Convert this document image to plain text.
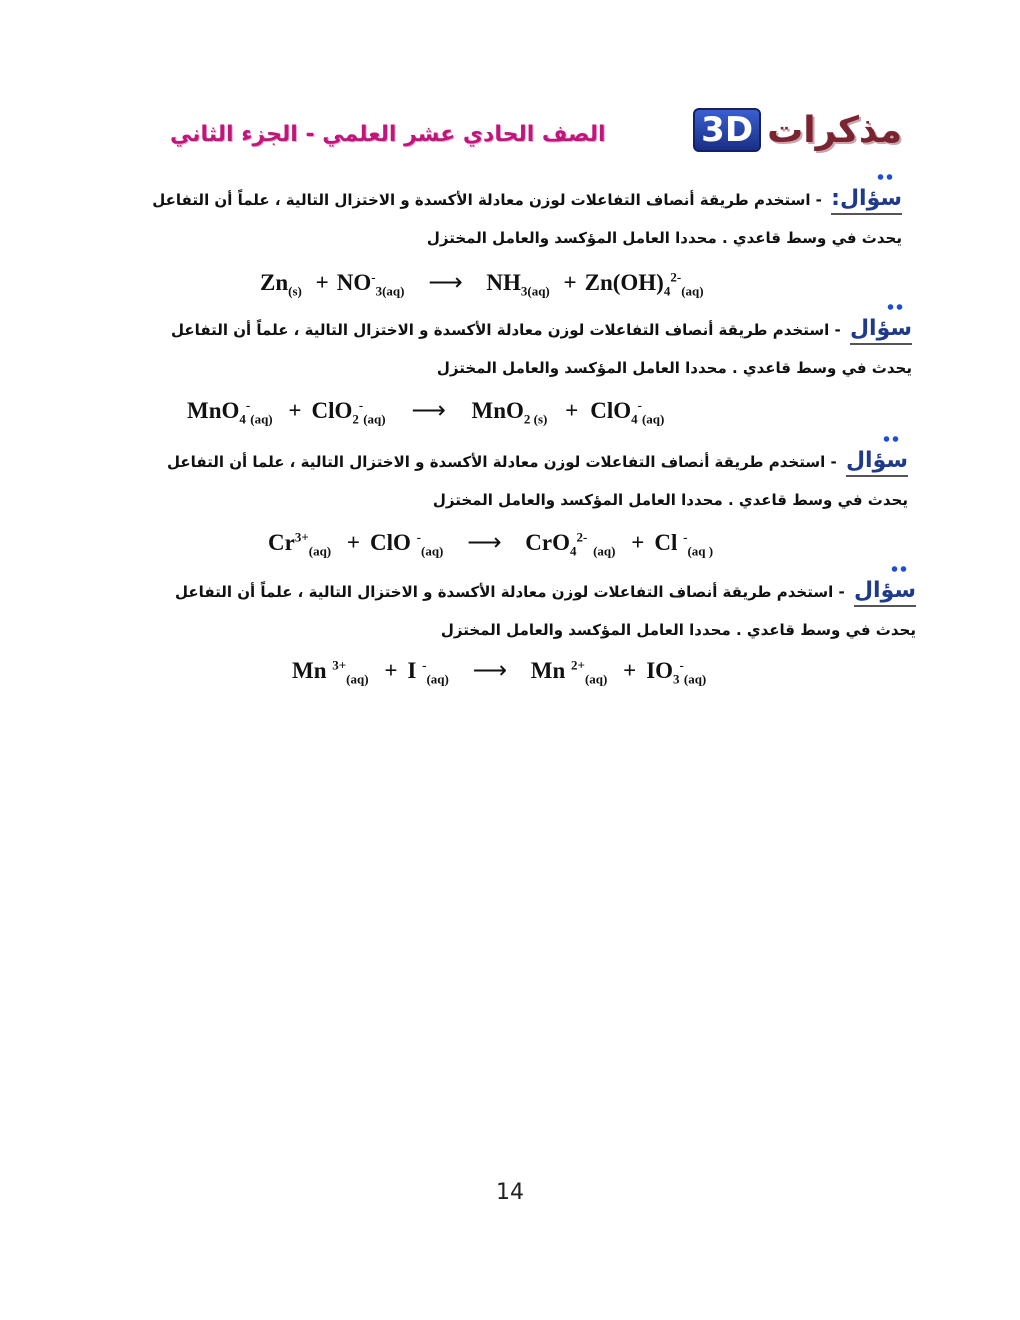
مذكرات
3D
الصف الحادي عشر العلمي - الجزء الثاني
سؤال: - استخدم طريقة أنصاف التفاعلات لوزن معادلة الأكسدة و الاختزال التالية ، علماً أن التفاعل
يحدث في وسط قاعدي . محددا العامل المؤكسد والعامل المختزل
$Zn_{(s)} + NO^-_{3(aq)}$ ⟶ $NH_{3(aq)} + Zn(OH)_4^{2-}_{(aq)}$
سؤال - استخدم طريقة أنصاف التفاعلات لوزن معادلة الأكسدة و الاختزال التالية ، علماً أن التفاعل
يحدث في وسط قاعدي . محددا العامل المؤكسد والعامل المختزل
MnO$_4$-$_{(aq)}$ + ClO$_2$-$_{(aq)}$ ⟶ MnO$_{2 (s)}$ + ClO$_4$-$_{(aq)}$
سؤال - استخدم طريقة أنصاف التفاعلات لوزن معادلة الأكسدة و الاختزال التالية ، علما أن التفاعل
يحدث في وسط قاعدي . محددا العامل المؤكسد والعامل المختزل
$Cr^{3+}_{(aq)}$ + ClO -$_{(aq)}$ ⟶ CrO$_4^{2-}$ $_{(aq)}$ + Cl -$_{(aq )}$
سؤال - استخدم طريقة أنصاف التفاعلات لوزن معادلة الأكسدة و الاختزال التالية ، علماً أن التفاعل
يحدث في وسط قاعدي . محددا العامل المؤكسد والعامل المختزل
Mn $^{3+}_{(aq)}$ + I -$_{(aq)}$ ⟶ Mn $^{2+}_{(aq)} + IO_3^-_{(aq)}$
14
